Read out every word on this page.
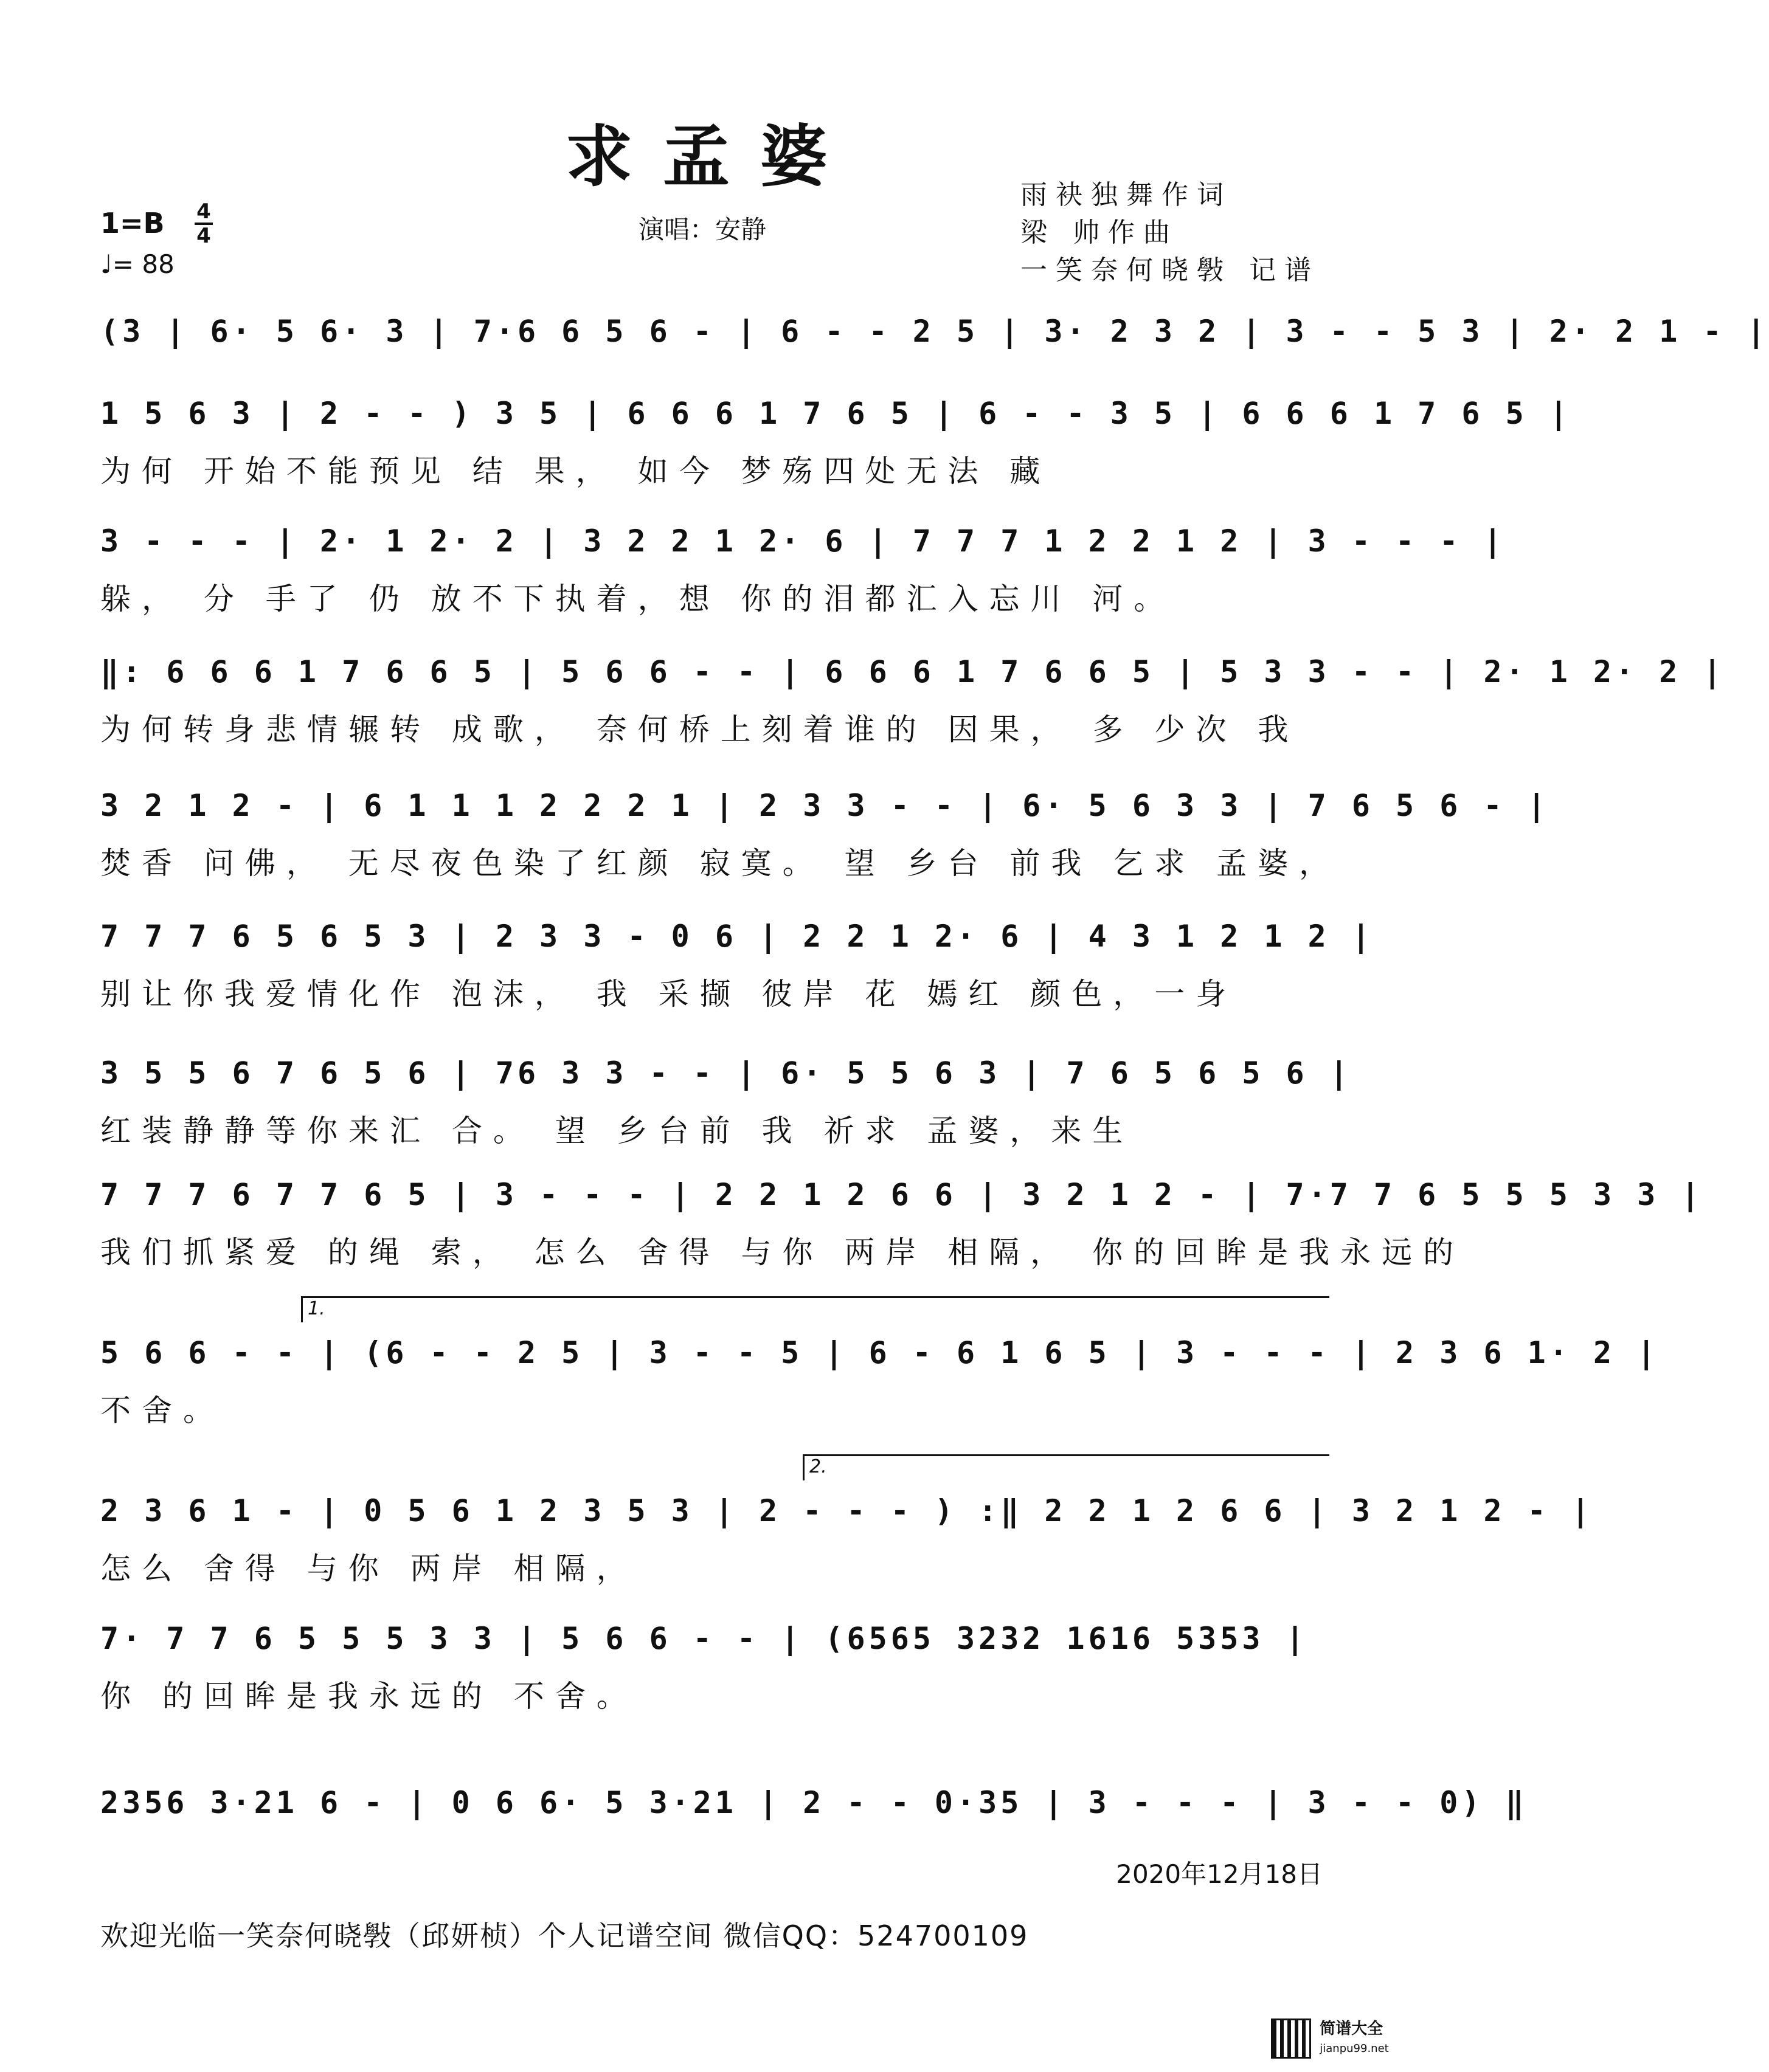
求孟婆	雨袂独舞作词
梁 帅作曲
一笑奈何晓斅 记谱
1=B 4
4
♩= 88
演唱：安静
(3 | 6· 5 6· 3 | 7·6 6 5 6 - | 6 - - 2 5 | 3· 2 3 2 | 3 - - 5 3 | 2· 2 1 - |
1 5 6 3 | 2 - - ) 3 5 | 6 6 6 1 7 6 5 | 6 - - 3 5 | 6 6 6 1 7 6 5 |
为何 开始不能预见 结 果， 如今 梦殇四处无法 藏
3 - - - | 2· 1 2· 2 | 3 2 2 1 2· 6 | 7 7 7 1 2 2 1 2 | 3 - - - |
躲， 分 手了 仍 放不下执着，想 你的泪都汇入忘川 河。
‖: 6 6 6 1 7 6 6 5 | 5 6 6 - - | 6 6 6 1 7 6 6 5 | 5 3 3 - - | 2· 1 2· 2 |
为何转身悲情辗转 成歌， 奈何桥上刻着谁的 因果， 多 少次 我
3 2 1 2 - | 6 1 1 1 2 2 2 1 | 2 3 3 - - | 6· 5 6 3 3 | 7 6 5 6 - |
焚香 问佛， 无尽夜色染了红颜 寂寞。 望 乡台 前我 乞求 孟婆，
7 7 7 6 5 6 5 3 | 2 3 3 - 0 6 | 2 2 1 2· 6 | 4 3 1 2 1 2 |
别让你我爱情化作 泡沫， 我 采撷 彼岸 花 嫣红 颜色，一身
3 5 5 6 7 6 5 6 | 76 3 3 - - | 6· 5 5 6 3 | 7 6 5 6 5 6 |
红装静静等你来汇 合。 望 乡台前 我 祈求 孟婆，来生
7 7 7 6 7 7 6 5 | 3 - - - | 2 2 1 2 6 6 | 3 2 1 2 - | 7·7 7 6 5 5 5 3 3 |
我们抓紧爱 的绳 索， 怎么 舍得 与你 两岸 相隔， 你的回眸是我永远的
1.
5 6 6 - - | (6 - - 2 5 | 3 - - 5 | 6 - 6 1 6 5 | 3 - - - | 2 3 6 1· 2 |
不舍。
2.
2 3 6 1 - | 0 5 6 1 2 3 5 3 | 2 - - - ) :‖ 2 2 1 2 6 6 | 3 2 1 2 - |
怎么 舍得 与你 两岸 相隔，
7· 7 7 6 5 5 5 3 3 | 5 6 6 - - | (6565 3232 1616 5353 |
你 的回眸是我永远的 不舍。
2356 3·21 6 - | 0 6 6· 5 3·21 | 2 - - 0·35 | 3 - - - | 3 - - 0) ‖
2020年12月18日
欢迎光临一笑奈何晓斅（邱妍桢）个人记谱空间 微信QQ：524700109
简谱大全
jianpu99.net
